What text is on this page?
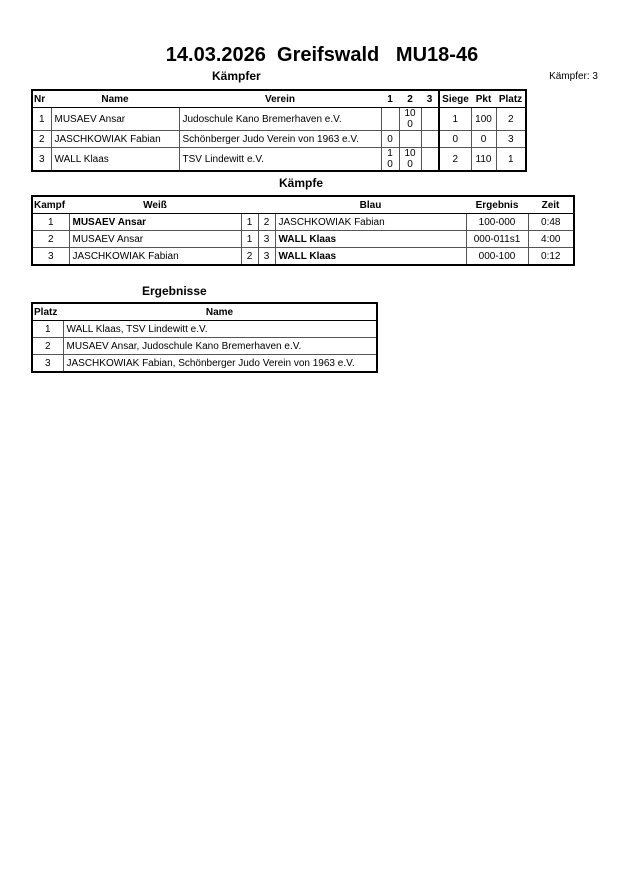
14.03.2026  Greifswald   MU18-46
Kämpfer	Kämpfer: 3
Nr	Name	Verein	1	2	3	Siege	Pkt	Platz
1	MUSAEV Ansar	Judoschule Kano Bremerhaven e.V.		100		1	100	2
2	JASCHKOWIAK Fabian	Schönberger Judo Verein von 1963 e.V.	0			0	0	3
3	WALL Klaas	TSV Lindewitt e.V.	10	100		2	110	1
Kämpfe
Kampf	Weiß			Blau	Ergebnis	Zeit
1	MUSAEV Ansar	1	2	JASCHKOWIAK Fabian	100-000	0:48
2	MUSAEV Ansar	1	3	WALL Klaas	000-011s1	4:00
3	JASCHKOWIAK Fabian	2	3	WALL Klaas	000-100	0:12
Ergebnisse
Platz	Name
1	WALL Klaas, TSV Lindewitt e.V.
2	MUSAEV Ansar, Judoschule Kano Bremerhaven e.V.
3	JASCHKOWIAK Fabian, Schönberger Judo Verein von 1963 e.V.
